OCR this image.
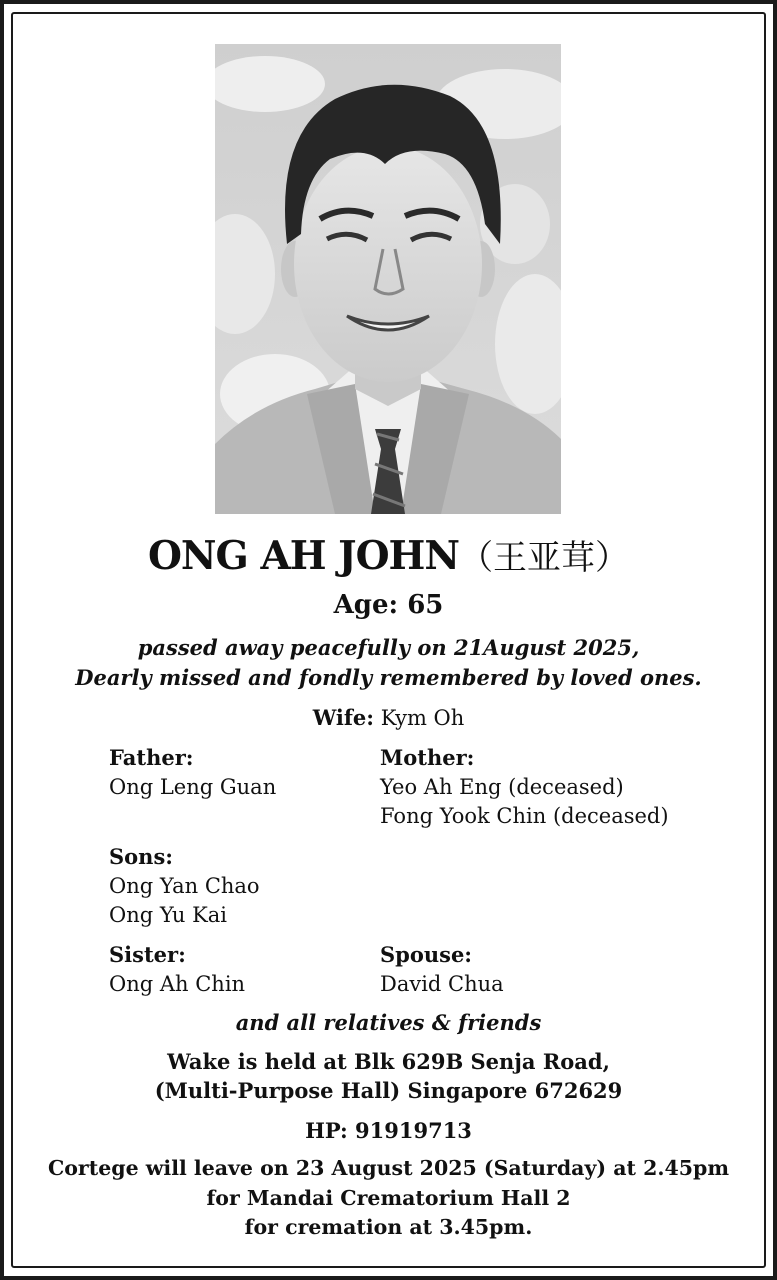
ONG AH JOHN（王亚茸）
Age: 65
passed away peacefully on 21August 2025,
Dearly missed and fondly remembered by loved ones.
Wife: Kym Oh
Father:
Ong Leng Guan
Mother:
Yeo Ah Eng (deceased)
Fong Yook Chin (deceased)
Sons:
Ong Yan Chao
Ong Yu Kai
Sister:
Ong Ah Chin
Spouse:
David Chua
and all relatives & friends
Wake is held at Blk 629B Senja Road,
(Multi-Purpose Hall) Singapore 672629
HP: 91919713
Cortege will leave on 23 August 2025 (Saturday) at 2.45pm
for Mandai Crematorium Hall 2
for cremation at 3.45pm.
